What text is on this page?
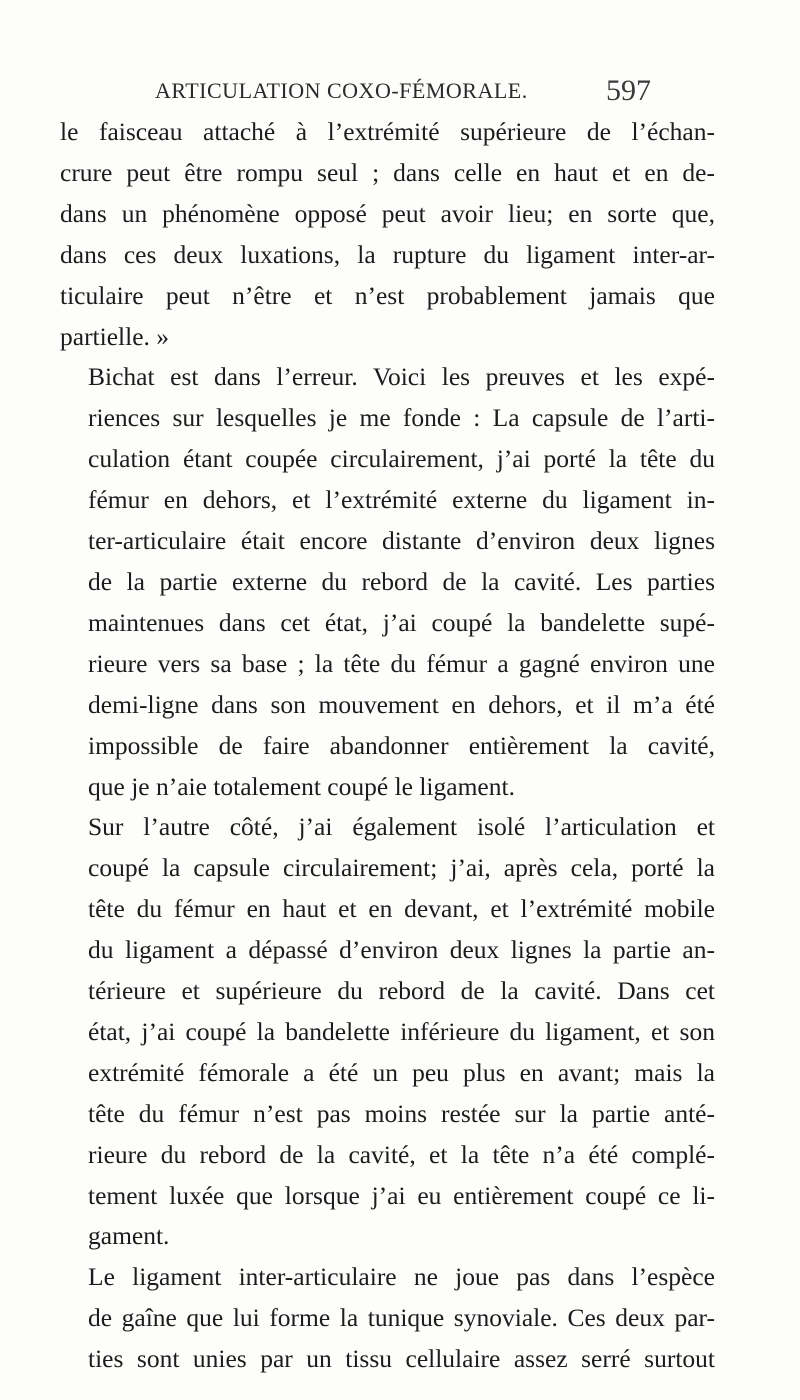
ARTICULATION COXO-FÉMORALE.	597

le faisceau attaché à l’extrémité supérieure de l’échan-
crure peut être rompu seul ; dans celle en haut et en de-
dans un phénomène opposé peut avoir lieu; en sorte que,
dans ces deux luxations, la rupture du ligament inter-ar-
ticulaire peut n’être et n’est probablement jamais que
partielle. »

Bichat est dans l’erreur. Voici les preuves et les expé-
riences sur lesquelles je me fonde : La capsule de l’arti-
culation étant coupée circulairement, j’ai porté la tête du
fémur en dehors, et l’extrémité externe du ligament in-
ter-articulaire était encore distante d’environ deux lignes
de la partie externe du rebord de la cavité. Les parties
maintenues dans cet état, j’ai coupé la bandelette supé-
rieure vers sa base ; la tête du fémur a gagné environ une
demi-ligne dans son mouvement en dehors, et il m’a été
impossible de faire abandonner entièrement la cavité,
que je n’aie totalement coupé le ligament.

Sur l’autre côté, j’ai également isolé l’articulation et
coupé la capsule circulairement; j’ai, après cela, porté la
tête du fémur en haut et en devant, et l’extrémité mobile
du ligament a dépassé d’environ deux lignes la partie an-
térieure et supérieure du rebord de la cavité. Dans cet
état, j’ai coupé la bandelette inférieure du ligament, et son
extrémité fémorale a été un peu plus en avant; mais la
tête du fémur n’est pas moins restée sur la partie anté-
rieure du rebord de la cavité, et la tête n’a été complé-
tement luxée que lorsque j’ai eu entièrement coupé ce li-
gament.

Le ligament inter-articulaire ne joue pas dans l’espèce
de gaîne que lui forme la tunique synoviale. Ces deux par-
ties sont unies par un tissu cellulaire assez serré surtout
